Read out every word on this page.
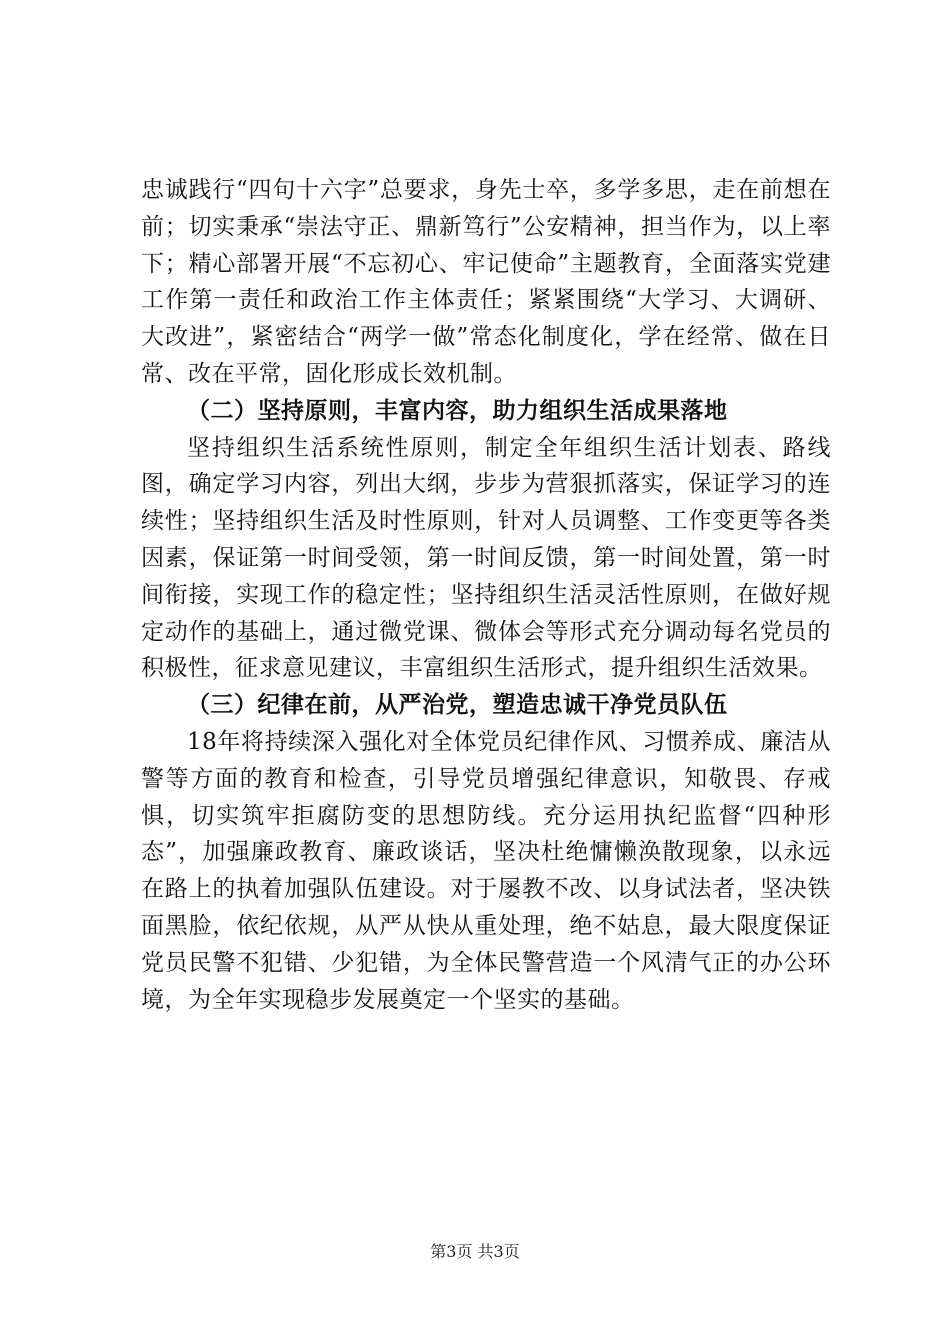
忠诚践行“四句十六字”总要求，身先士卒，多学多思，走在前想在前；切实秉承“崇法守正、鼎新笃行”公安精神，担当作为，以上率下；精心部署开展“不忘初心、牢记使命”主题教育，全面落实党建工作第一责任和政治工作主体责任；紧紧围绕“大学习、大调研、大改进”，紧密结合“两学一做”常态化制度化，学在经常、做在日常、改在平常，固化形成长效机制。

（二）坚持原则，丰富内容，助力组织生活成果落地

坚持组织生活系统性原则，制定全年组织生活计划表、路线图，确定学习内容，列出大纲，步步为营狠抓落实，保证学习的连续性；坚持组织生活及时性原则，针对人员调整、工作变更等各类因素，保证第一时间受领，第一时间反馈，第一时间处置，第一时间衔接，实现工作的稳定性；坚持组织生活灵活性原则，在做好规定动作的基础上，通过微党课、微体会等形式充分调动每名党员的积极性，征求意见建议，丰富组织生活形式，提升组织生活效果。

（三）纪律在前，从严治党，塑造忠诚干净党员队伍

18年将持续深入强化对全体党员纪律作风、习惯养成、廉洁从警等方面的教育和检查，引导党员增强纪律意识，知敬畏、存戒惧，切实筑牢拒腐防变的思想防线。充分运用执纪监督“四种形态”，加强廉政教育、廉政谈话，坚决杜绝慵懒涣散现象，以永远在路上的执着加强队伍建设。对于屡教不改、以身试法者，坚决铁面黑脸，依纪依规，从严从快从重处理，绝不姑息，最大限度保证党员民警不犯错、少犯错，为全体民警营造一个风清气正的办公环境，为全年实现稳步发展奠定一个坚实的基础。

第3页 共3页
